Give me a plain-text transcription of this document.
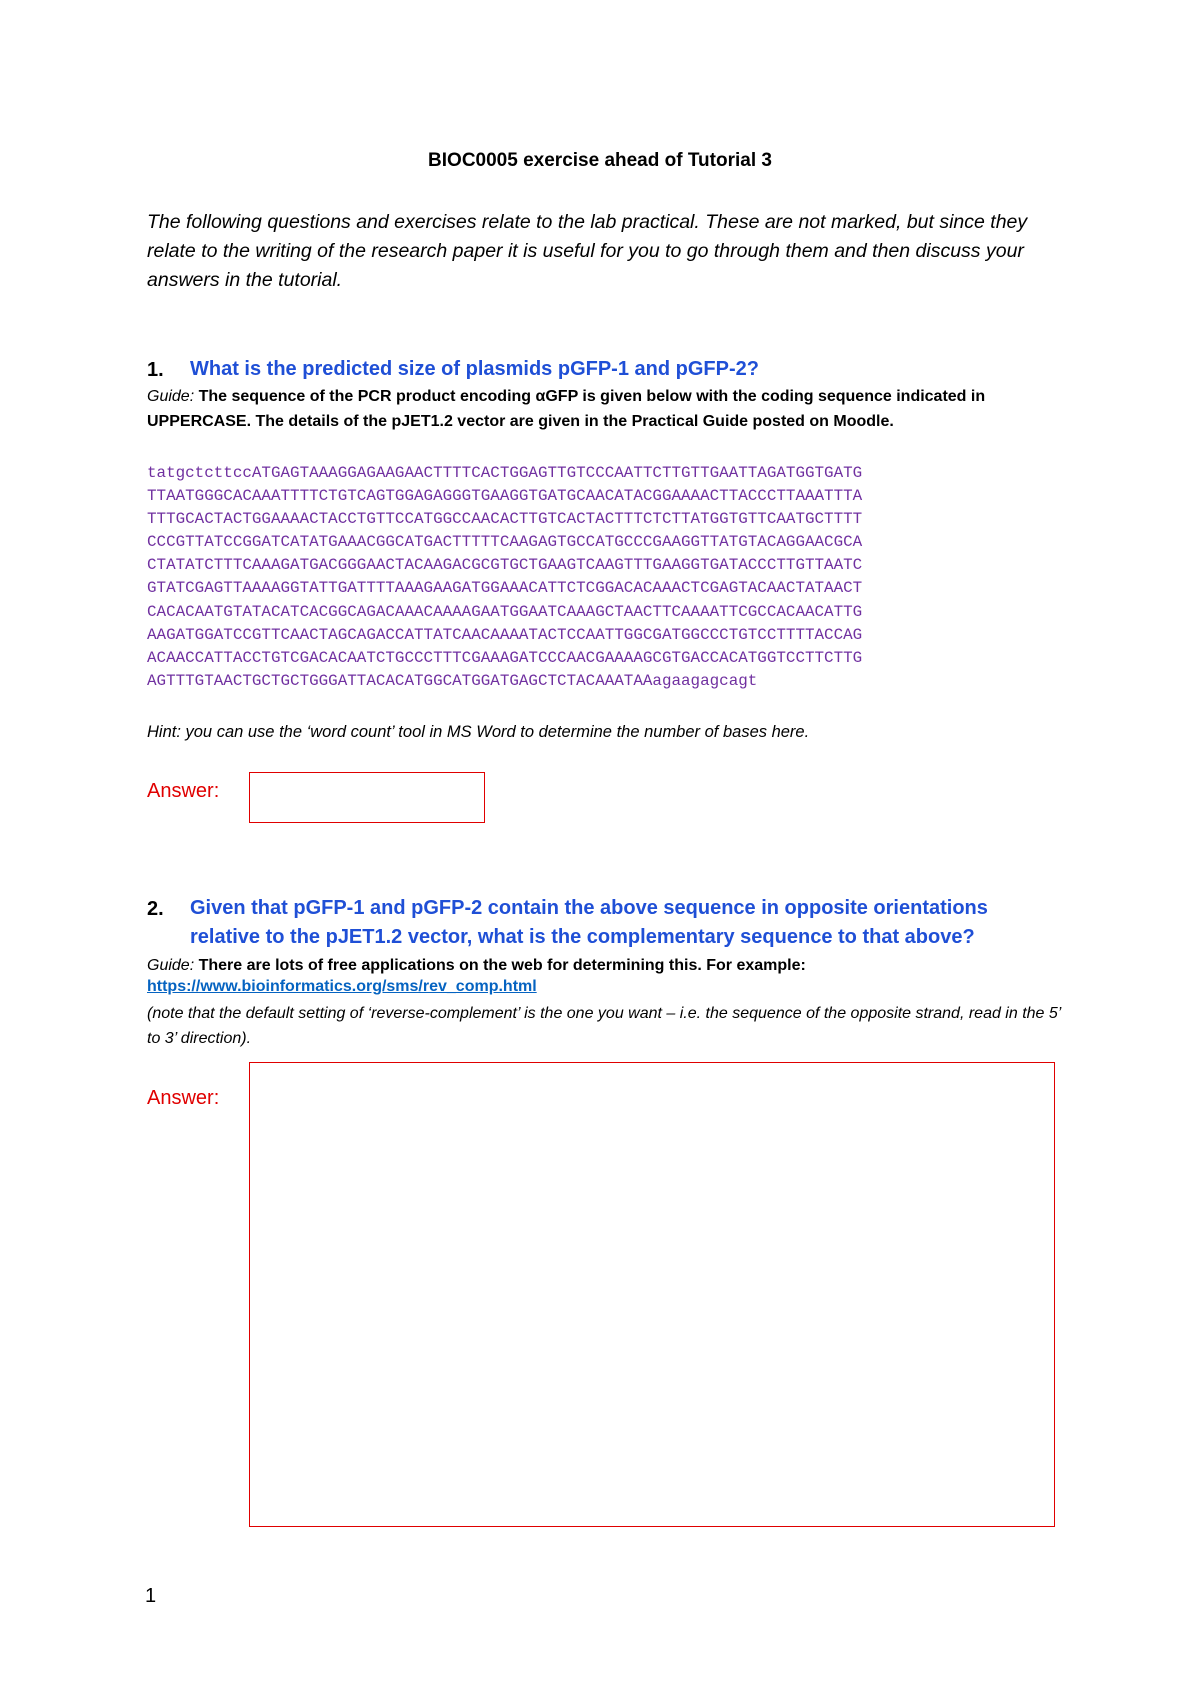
BIOC0005 exercise ahead of Tutorial 3

The following questions and exercises relate to the lab practical. These are not marked, but since they relate to the writing of the research paper it is useful for you to go through them and then discuss your answers in the tutorial.

1. What is the predicted size of plasmids pGFP-1 and pGFP-2?
Guide: The sequence of the PCR product encoding αGFP is given below with the coding sequence indicated in
UPPERCASE. The details of the pJET1.2 vector are given in the Practical Guide posted on Moodle.
tatgctcttccATGAGTAAAGGAGAAGAACTTTTCACTGGAGTTGTCCCAATTCTTGTTGAATTAGATGGTGATG
TTAATGGGCACAAATTTTCTGTCAGTGGAGAGGGTGAAGGTGATGCAACATACGGAAAACTTACCCTTAAATTTA
TTTGCACTACTGGAAAACTACCTGTTCCATGGCCAACACTTGTCACTACTTTCTCTTATGGTGTTCAATGCTTTT
CCCGTTATCCGGATCATATGAAACGGCATGACTTTTTCAAGAGTGCCATGCCCGAAGGTTATGTACAGGAACGCA
CTATATCTTTCAAAGATGACGGGAACTACAAGACGCGTGCTGAAGTCAAGTTTGAAGGTGATACCCTTGTTAATC
GTATCGAGTTAAAAGGTATTGATTTTAAAGAAGATGGAAACATTCTCGGACACAAACTCGAGTACAACTATAACT
CACACAATGTATACATCACGGCAGACAAACAAAAGAATGGAATCAAAGCTAACTTCAAAATTCGCCACAACATTG
AAGATGGATCCGTTCAACTAGCAGACCATTATCAACAAAATACTCCAATTGGCGATGGCCCTGTCCTTTTACCAG
ACAACCATTACCTGTCGACACAATCTGCCCTTTCGAAAGATCCCAACGAAAAGCGTGACCACATGGTCCTTCTTG
AGTTTGTAACTGCTGCTGGGATTACACATGGCATGGATGAGCTCTACAAATAAagaagagcagt
Hint: you can use the ‘word count’ tool in MS Word to determine the number of bases here.
Answer:
2. Given that pGFP-1 and pGFP-2 contain the above sequence in opposite orientations
relative to the pJET1.2 vector, what is the complementary sequence to that above?
Guide: There are lots of free applications on the web for determining this. For example:
https://www.bioinformatics.org/sms/rev_comp.html

(note that the default setting of ‘reverse-complement’ is the one you want – i.e. the sequence of the opposite strand, read in the 5’ to 3’ direction).

Answer:
1
